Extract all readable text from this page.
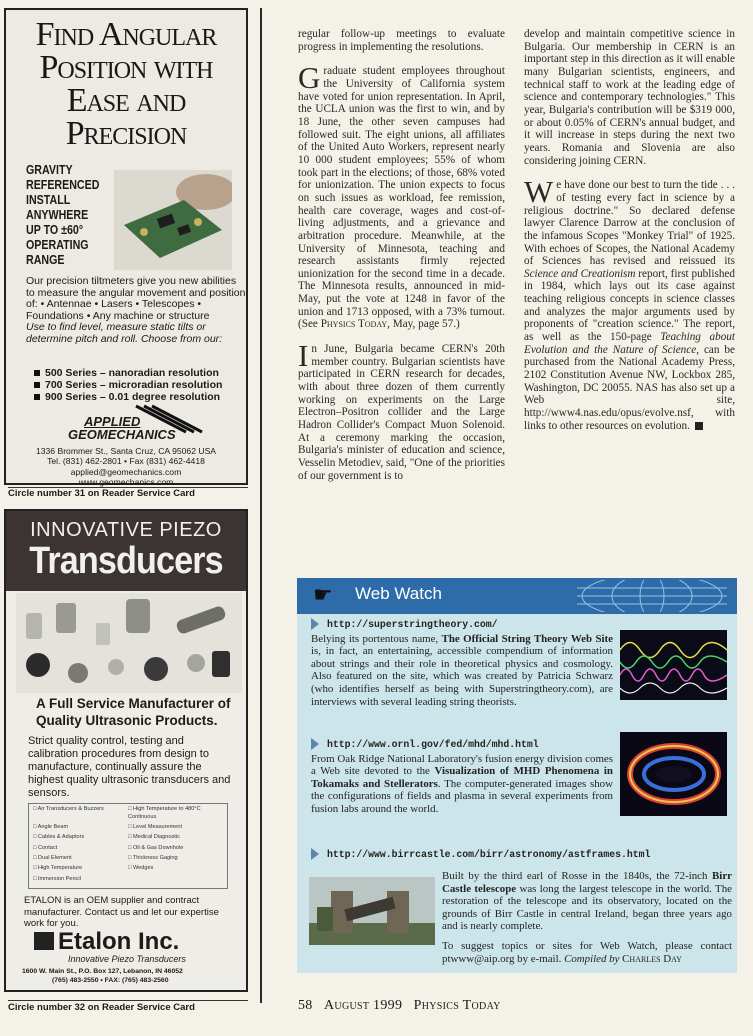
Find Angular Position with Ease and Precision
GRAVITY REFERENCED
INSTALL ANYWHERE
UP TO ±60° OPERATING RANGE
Our precision tiltmeters give you new abilities to measure the angular movement and position of: • Antennae • Lasers • Telescopes • Foundations • Any machine or structure
Use to find level, measure static tilts or determine pitch and roll. Choose from our:
500 Series – nanoradian resolution
700 Series – microradian resolution
900 Series – 0.01 degree resolution
APPLIED
GEOMECHANICS
1336 Brommer St., Santa Cruz, CA 95062 USA
Tel. (831) 462-2801 • Fax (831) 462-4418
applied@geomechanics.com
www.geomechanics.com
Circle number 31 on Reader Service Card
INNOVATIVE PIEZO
Transducers
A Full Service Manufacturer of Quality Ultrasonic Products.
Strict quality control, testing and calibration procedures from design to manufacture, continually assure the highest quality ultrasonic transducers and sensors.
□ Air Transducers & Buzzers	□ High Temperature to 480°C Continuous
□ Angle Beam	□ Level Measurement
□ Cables & Adaptors	□ Medical Diagnostic
□ Contact	□ Oil & Gas Downhole
□ Dual Element	□ Thickness Gaging
□ High Temperature	□ Wedges
□ Immersion Pencil
ETALON is an OEM supplier and contract manufacturer. Contact us and let our expertise work for you.
Etalon Inc.
Innovative Piezo Transducers
1600 W. Main St., P.O. Box 127, Lebanon, IN 46052
(765) 483-2550 • FAX: (765) 483-2560
Circle number 32 on Reader Service Card

regular follow-up meetings to evaluate progress in implementing the resolutions.

Graduate student employees throughout the University of California system have voted for union representation. In April, the UCLA union was the first to win, and by 18 June, the other seven campuses had followed suit. The eight unions, all affiliates of the United Auto Workers, represent nearly 10 000 student employees; 55% of whom took part in the elections; of those, 68% voted for unionization. The union expects to focus on such issues as workload, fee remission, health care coverage, wages and cost-of-living adjustments, and a grievance and arbitration procedure. Meanwhile, at the University of Minnesota, teaching and research assistants firmly rejected unionization for the second time in a decade. The Minnesota results, announced in mid-May, put the vote at 1248 in favor of the union and 1713 opposed, with a 73% turnout. (See Physics Today, May, page 57.)

In June, Bulgaria became CERN's 20th member country. Bulgarian scientists have participated in CERN research for decades, with about three dozen of them currently working on experiments on the Large Electron–Positron collider and the Large Hadron Collider's Compact Muon Solenoid. At a ceremony marking the occasion, Bulgaria's minister of education and science, Vesselin Metodiev, said, "One of the priorities of our government is to

develop and maintain competitive science in Bulgaria. Our membership in CERN is an important step in this direction as it will enable many Bulgarian scientists, engineers, and technical staff to work at the leading edge of science and contemporary technologies." This year, Bulgaria's contribution will be $319 000, or about 0.05% of CERN's annual budget, and it will increase in steps during the next two years. Romania and Slovenia are also considering joining CERN.

We have done our best to turn the tide . . . of testing every fact in science by a religious doctrine." So declared defense lawyer Clarence Darrow at the conclusion of the infamous Scopes "Monkey Trial" of 1925. With echoes of Scopes, the National Academy of Sciences has revised and reissued its Science and Creationism report, first published in 1984, which lays out its case against teaching religious concepts in science classes and analyzes the major arguments used by proponents of "creation science." The report, as well as the 150-page Teaching about Evolution and the Nature of Science, can be purchased from the National Academy Press, 2102 Constitution Avenue NW, Lockbox 285, Washington, DC 20055. NAS has also set up a Web site, http://www4.nas.edu/opus/evolve.nsf, with links to other resources on evolution.

☛ Web Watch
http://superstringtheory.com/
Belying its portentous name, The Official String Theory Web Site is, in fact, an entertaining, accessible compendium of information about strings and their role in theoretical physics and cosmology. Also featured on the site, which was created by Patricia Schwarz (who identifies herself as being with Superstringtheory.com), are interviews with several leading string theorists.
http://www.ornl.gov/fed/mhd/mhd.html
From Oak Ridge National Laboratory's fusion energy division comes a Web site devoted to the Visualization of MHD Phenomena in Tokamaks and Stellerators. The computer-generated images show the configurations of fields and plasma in several experiments from fusion labs around the world.
http://www.birrcastle.com/birr/astronomy/astframes.html
Built by the third earl of Rosse in the 1840s, the 72-inch Birr Castle telescope was long the largest telescope in the world. The restoration of the telescope and its observatory, located on the grounds of Birr Castle in central Ireland, began three years ago and is nearly complete.
To suggest topics or sites for Web Watch, please contact ptwww@aip.org by e-mail. Compiled by Charles Day
58 August 1999 Physics Today
